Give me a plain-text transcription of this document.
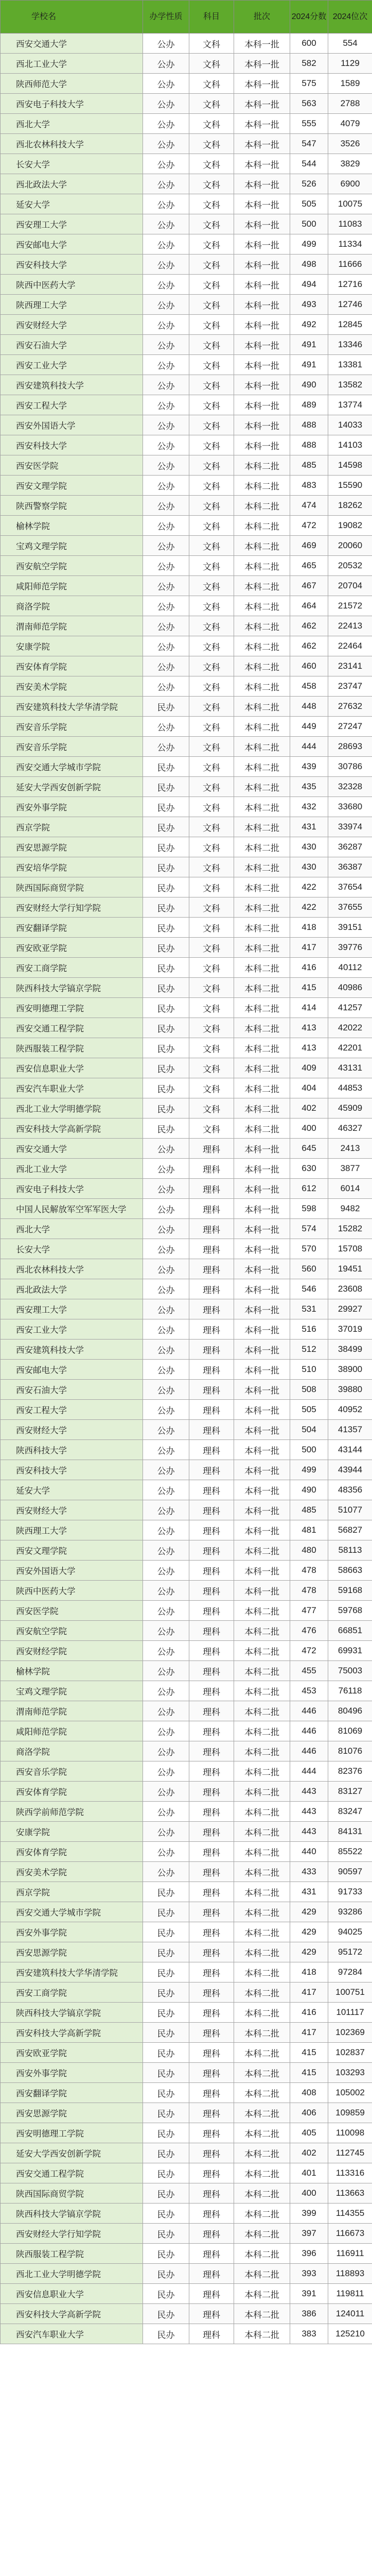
学校名	办学性质	科目	批次	2024分数	2024位次
西安交通大学	公办	文科	本科一批	600	554
西北工业大学	公办	文科	本科一批	582	1129
陕西师范大学	公办	文科	本科一批	575	1589
西安电子科技大学	公办	文科	本科一批	563	2788
西北大学	公办	文科	本科一批	555	4079
西北农林科技大学	公办	文科	本科一批	547	3526
长安大学	公办	文科	本科一批	544	3829
西北政法大学	公办	文科	本科一批	526	6900
延安大学	公办	文科	本科一批	505	10075
西安理工大学	公办	文科	本科一批	500	11083
西安邮电大学	公办	文科	本科一批	499	11334
西安科技大学	公办	文科	本科一批	498	11666
陕西中医药大学	公办	文科	本科一批	494	12716
陕西理工大学	公办	文科	本科一批	493	12746
西安财经大学	公办	文科	本科一批	492	12845
西安石油大学	公办	文科	本科一批	491	13346
西安工业大学	公办	文科	本科一批	491	13381
西安建筑科技大学	公办	文科	本科一批	490	13582
西安工程大学	公办	文科	本科一批	489	13774
西安外国语大学	公办	文科	本科一批	488	14033
西安科技大学	公办	文科	本科一批	488	14103
西安医学院	公办	文科	本科二批	485	14598
西安文理学院	公办	文科	本科二批	483	15590
陕西警察学院	公办	文科	本科二批	474	18262
榆林学院	公办	文科	本科二批	472	19082
宝鸡文理学院	公办	文科	本科二批	469	20060
西安航空学院	公办	文科	本科二批	465	20532
咸阳师范学院	公办	文科	本科二批	467	20704
商洛学院	公办	文科	本科二批	464	21572
渭南师范学院	公办	文科	本科二批	462	22413
安康学院	公办	文科	本科二批	462	22464
西安体育学院	公办	文科	本科二批	460	23141
西安美术学院	公办	文科	本科二批	458	23747
西安建筑科技大学华清学院	民办	文科	本科二批	448	27632
西安音乐学院	公办	文科	本科二批	449	27247
西安音乐学院	公办	文科	本科二批	444	28693
西安交通大学城市学院	民办	文科	本科二批	439	30786
延安大学西安创新学院	民办	文科	本科二批	435	32328
西安外事学院	民办	文科	本科二批	432	33680
西京学院	民办	文科	本科二批	431	33974
西安思源学院	民办	文科	本科二批	430	36287
西安培华学院	民办	文科	本科二批	430	36387
陕西国际商贸学院	民办	文科	本科二批	422	37654
西安财经大学行知学院	民办	文科	本科二批	422	37655
西安翻译学院	民办	文科	本科二批	418	39151
西安欧亚学院	民办	文科	本科二批	417	39776
西安工商学院	民办	文科	本科二批	416	40112
陕西科技大学镐京学院	民办	文科	本科二批	415	40986
西安明德理工学院	民办	文科	本科二批	414	41257
西安交通工程学院	民办	文科	本科二批	413	42022
陕西服装工程学院	民办	文科	本科二批	413	42201
西安信息职业大学	民办	文科	本科二批	409	43131
西安汽车职业大学	民办	文科	本科二批	404	44853
西北工业大学明德学院	民办	文科	本科二批	402	45909
西安科技大学高新学院	民办	文科	本科二批	400	46327
西安交通大学	公办	理科	本科一批	645	2413
西北工业大学	公办	理科	本科一批	630	3877
西安电子科技大学	公办	理科	本科一批	612	6014
中国人民解放军空军军医大学	公办	理科	本科一批	598	9482
西北大学	公办	理科	本科一批	574	15282
长安大学	公办	理科	本科一批	570	15708
西北农林科技大学	公办	理科	本科一批	560	19451
西北政法大学	公办	理科	本科一批	546	23608
西安理工大学	公办	理科	本科一批	531	29927
西安工业大学	公办	理科	本科一批	516	37019
西安建筑科技大学	公办	理科	本科一批	512	38499
西安邮电大学	公办	理科	本科一批	510	38900
西安石油大学	公办	理科	本科一批	508	39880
西安工程大学	公办	理科	本科一批	505	40952
西安财经大学	公办	理科	本科一批	504	41357
陕西科技大学	公办	理科	本科一批	500	43144
西安科技大学	公办	理科	本科一批	499	43944
延安大学	公办	理科	本科一批	490	48356
西安财经大学	公办	理科	本科一批	485	51077
陕西理工大学	公办	理科	本科一批	481	56827
西安文理学院	公办	理科	本科二批	480	58113
西安外国语大学	公办	理科	本科一批	478	58663
陕西中医药大学	公办	理科	本科一批	478	59168
西安医学院	公办	理科	本科二批	477	59768
西安航空学院	公办	理科	本科二批	476	66851
西安财经学院	公办	理科	本科二批	472	69931
榆林学院	公办	理科	本科二批	455	75003
宝鸡文理学院	公办	理科	本科二批	453	76118
渭南师范学院	公办	理科	本科二批	446	80496
咸阳师范学院	公办	理科	本科二批	446	81069
商洛学院	公办	理科	本科二批	446	81076
西安音乐学院	公办	理科	本科二批	444	82376
西安体育学院	公办	理科	本科二批	443	83127
陕西学前师范学院	公办	理科	本科二批	443	83247
安康学院	公办	理科	本科二批	443	84131
西安体育学院	公办	理科	本科二批	440	85522
西安美术学院	公办	理科	本科二批	433	90597
西京学院	民办	理科	本科二批	431	91733
西安交通大学城市学院	民办	理科	本科二批	429	93286
西安外事学院	民办	理科	本科二批	429	94025
西安思源学院	民办	理科	本科二批	429	95172
西安建筑科技大学华清学院	民办	理科	本科二批	418	97284
西安工商学院	民办	理科	本科二批	417	100751
陕西科技大学镐京学院	民办	理科	本科二批	416	101117
西安科技大学高新学院	民办	理科	本科二批	417	102369
西安欧亚学院	民办	理科	本科二批	415	102837
西安外事学院	民办	理科	本科二批	415	103293
西安翻译学院	民办	理科	本科二批	408	105002
西安思源学院	民办	理科	本科二批	406	109859
西安明德理工学院	民办	理科	本科二批	405	110098
延安大学西安创新学院	民办	理科	本科二批	402	112745
西安交通工程学院	民办	理科	本科二批	401	113316
陕西国际商贸学院	民办	理科	本科二批	400	113663
陕西科技大学镐京学院	民办	理科	本科二批	399	114355
西安财经大学行知学院	民办	理科	本科二批	397	116673
陕西服装工程学院	民办	理科	本科二批	396	116911
西北工业大学明德学院	民办	理科	本科二批	393	118893
西安信息职业大学	民办	理科	本科二批	391	119811
西安科技大学高新学院	民办	理科	本科二批	386	124011
西安汽车职业大学	民办	理科	本科二批	383	125210
